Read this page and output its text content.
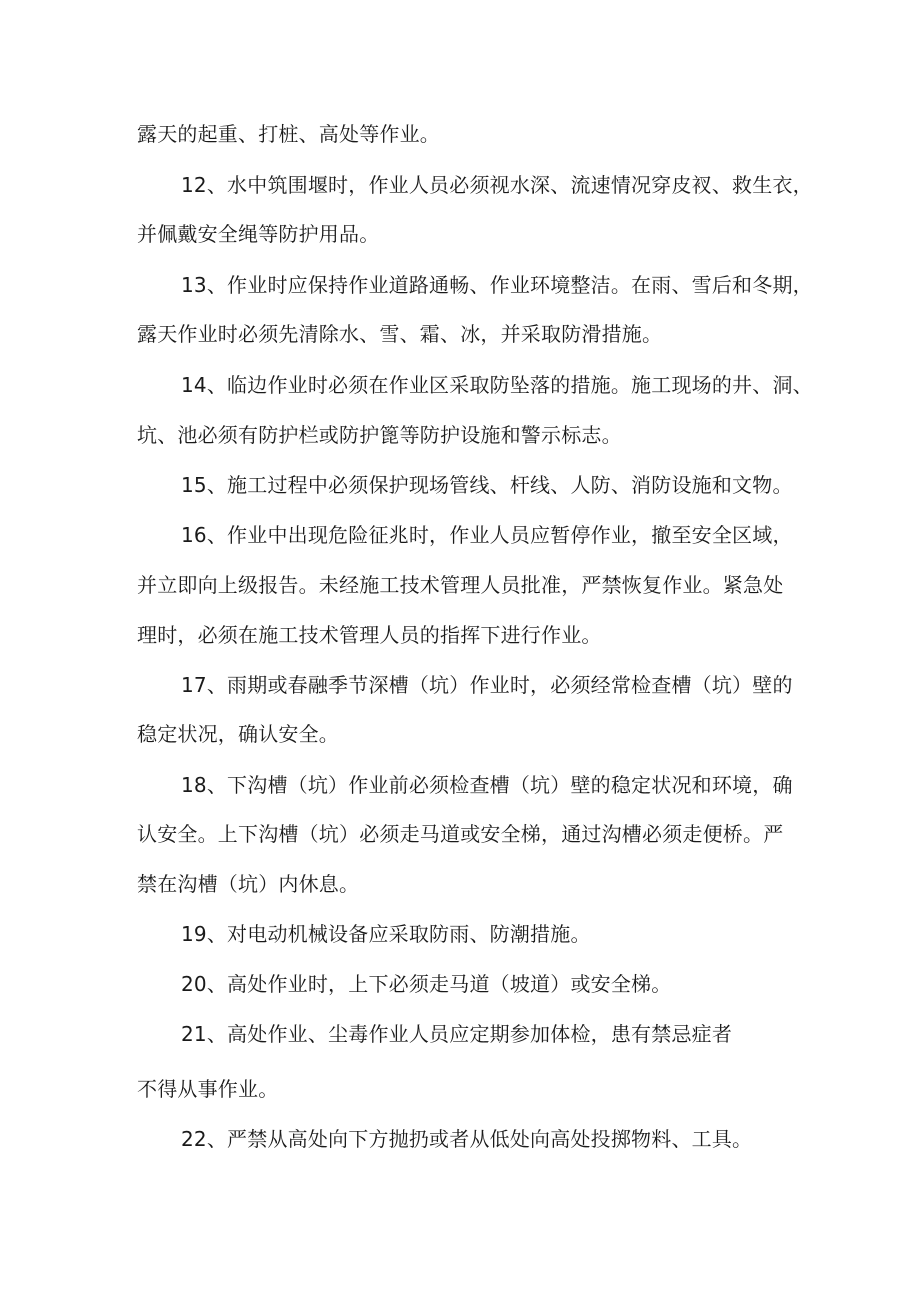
露天的起重、打桩、高处等作业。
12、水中筑围堰时，作业人员必须视水深、流速情况穿皮衩、救生衣，
并佩戴安全绳等防护用品。
13、作业时应保持作业道路通畅、作业环境整洁。在雨、雪后和冬期，
露天作业时必须先清除水、雪、霜、冰，并采取防滑措施。
14、临边作业时必须在作业区采取防坠落的措施。施工现场的井、洞、
坑、池必须有防护栏或防护篦等防护设施和警示标志。
15、施工过程中必须保护现场管线、杆线、人防、消防设施和文物。
16、作业中出现危险征兆时，作业人员应暂停作业，撤至安全区域，
并立即向上级报告。未经施工技术管理人员批准，严禁恢复作业。紧急处
理时，必须在施工技术管理人员的指挥下进行作业。
17、雨期或春融季节深槽（坑）作业时，必须经常检查槽（坑）壁的
稳定状况，确认安全。
18、下沟槽（坑）作业前必须检查槽（坑）壁的稳定状况和环境，确
认安全。上下沟槽（坑）必须走马道或安全梯，通过沟槽必须走便桥。严
禁在沟槽（坑）内休息。
19、对电动机械设备应采取防雨、防潮措施。
20、高处作业时，上下必须走马道（坡道）或安全梯。
21、高处作业、尘毒作业人员应定期参加体检，患有禁忌症者
不得从事作业。
22、严禁从高处向下方抛扔或者从低处向高处投掷物料、工具。
